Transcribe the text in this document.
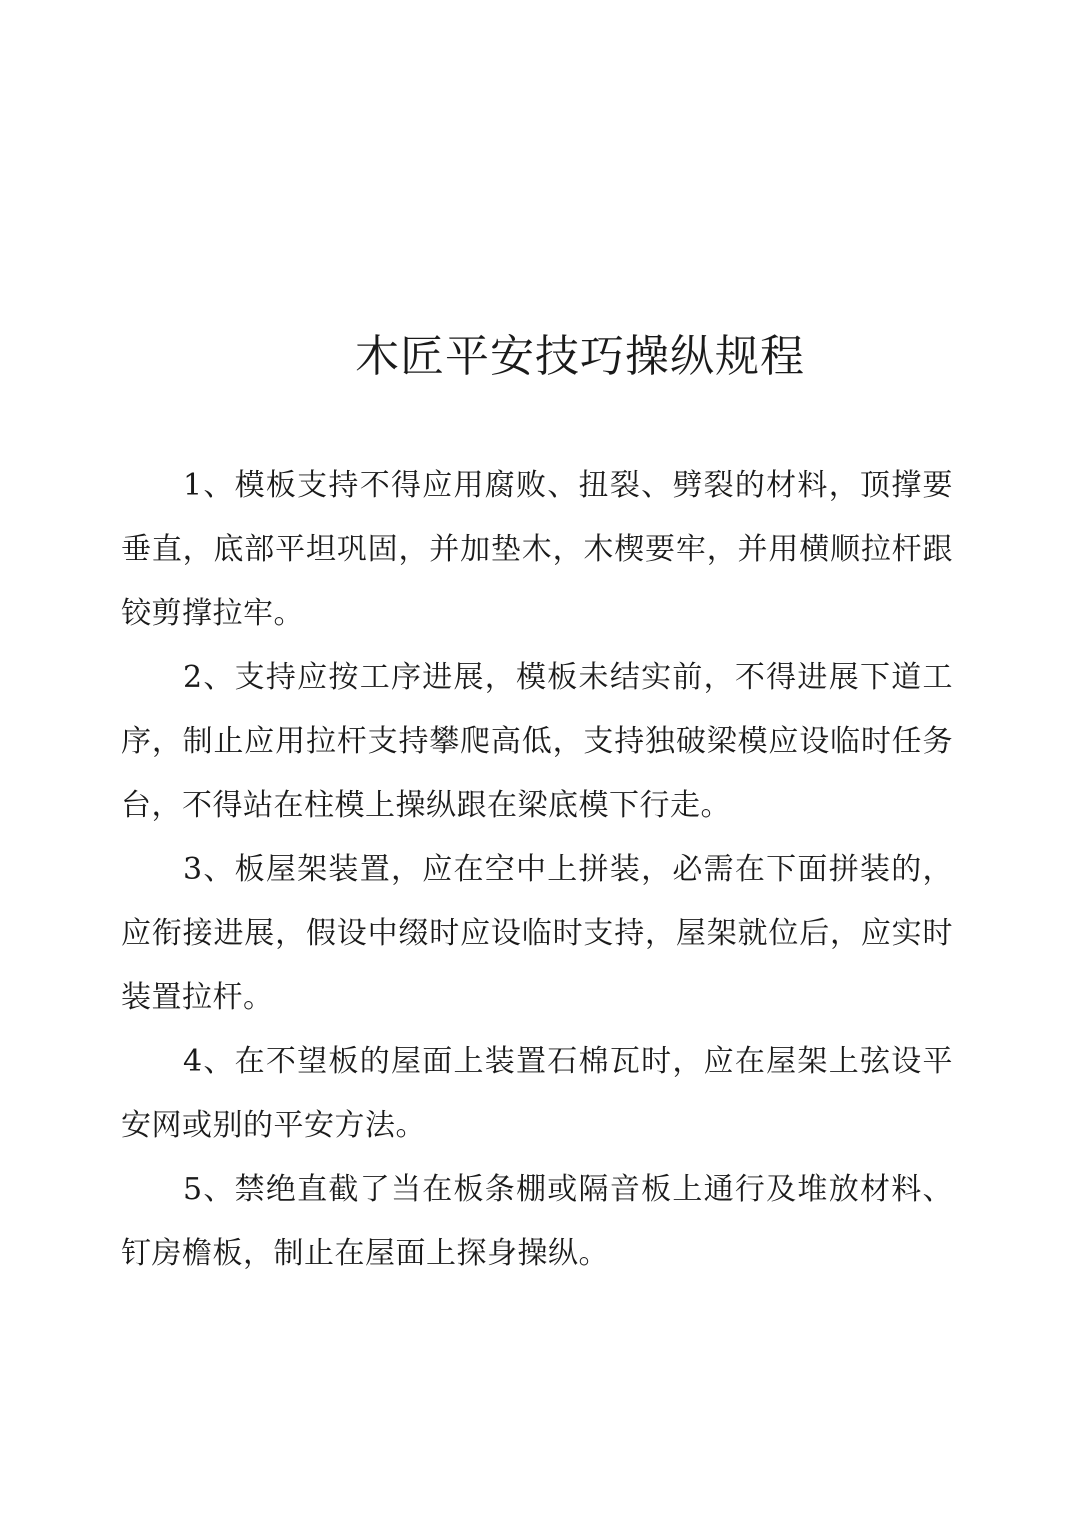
木匠平安技巧操纵规程

1、模板支持不得应用腐败、扭裂、劈裂的材料，顶撑要垂直，底部平坦巩固，并加垫木，木楔要牢，并用横顺拉杆跟铰剪撑拉牢。

2、支持应按工序进展，模板未结实前，不得进展下道工序，制止应用拉杆支持攀爬高低，支持独破梁模应设临时任务台，不得站在柱模上操纵跟在梁底模下行走。

3、板屋架装置，应在空中上拼装，必需在下面拼装的，应衔接进展，假设中缀时应设临时支持，屋架就位后，应实时装置拉杆。

4、在不望板的屋面上装置石棉瓦时，应在屋架上弦设平安网或别的平安方法。

5、禁绝直截了当在板条棚或隔音板上通行及堆放材料、钉房檐板，制止在屋面上探身操纵。
